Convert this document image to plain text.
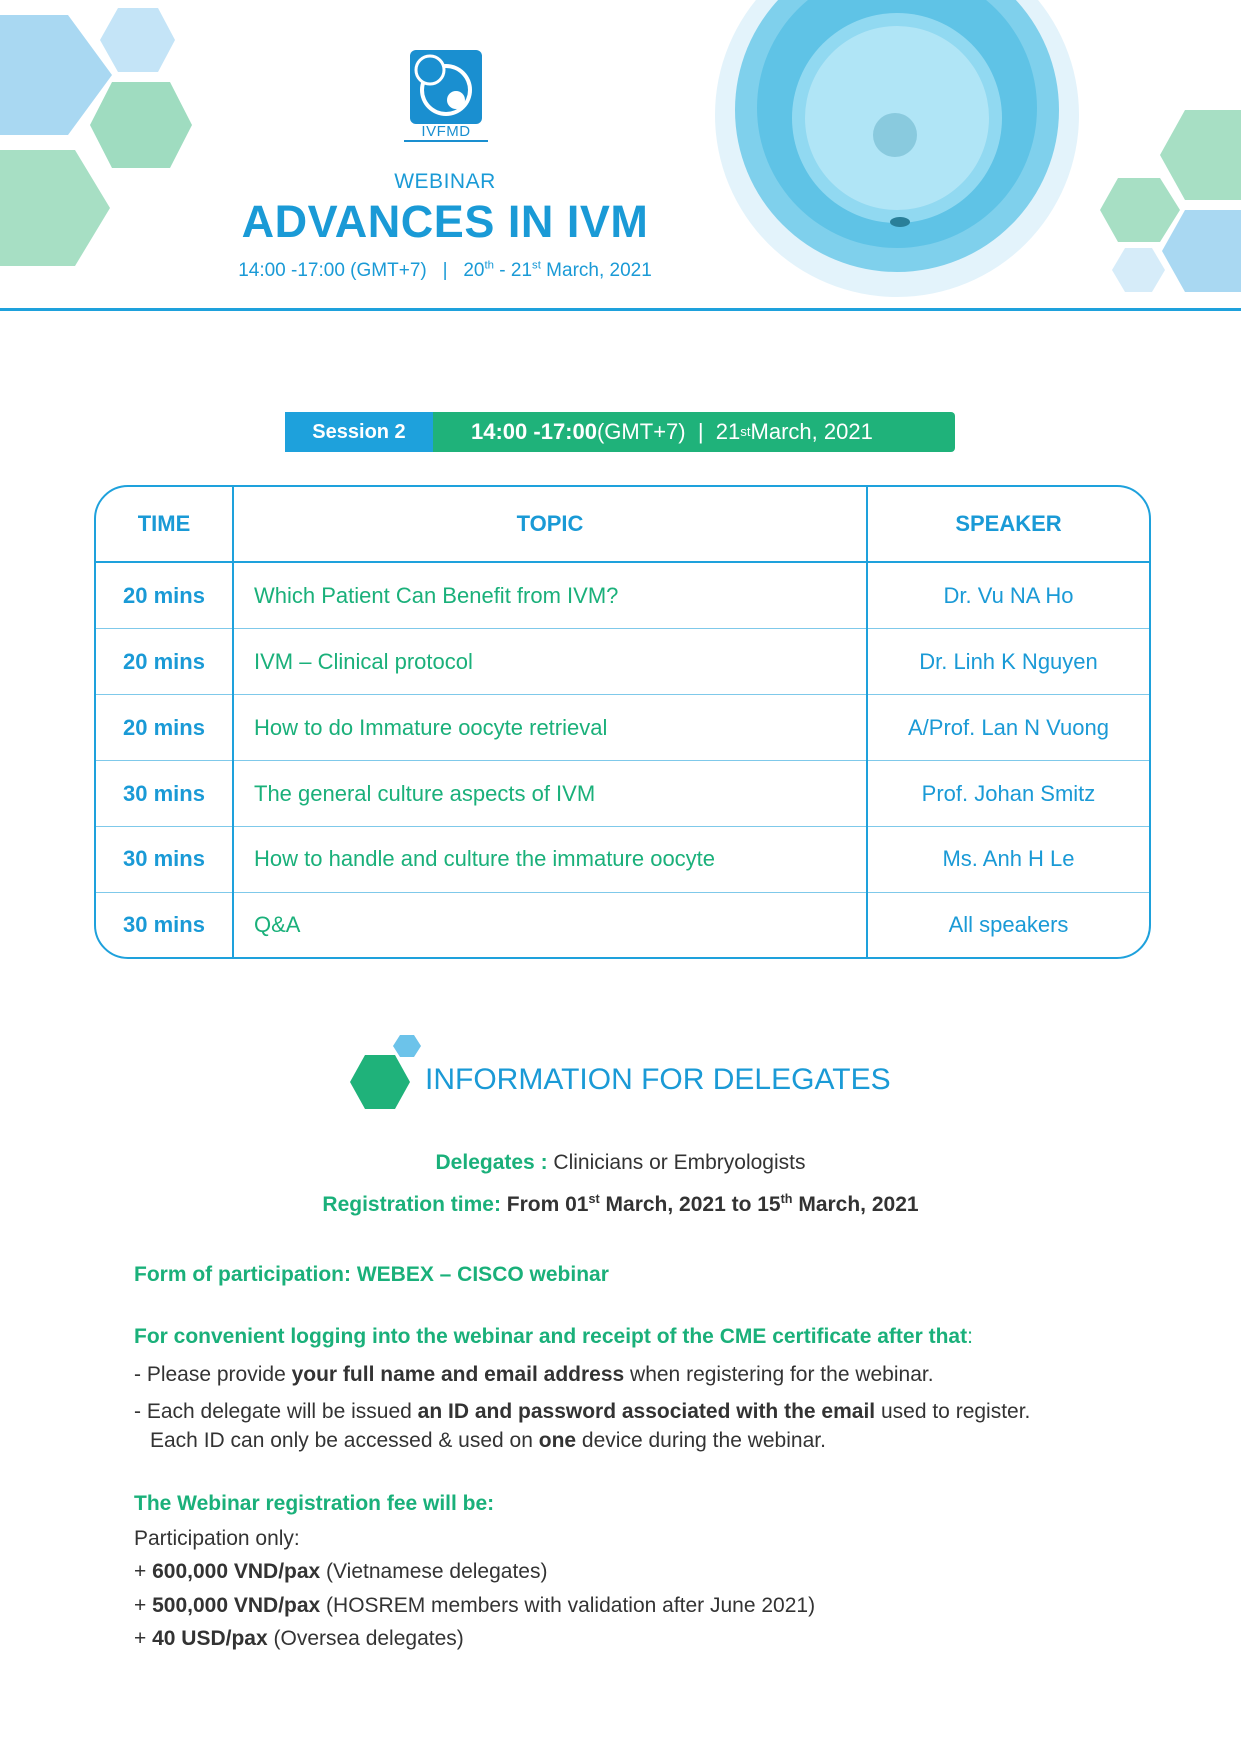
IVFMD
WEBINAR
ADVANCES IN IVM
14:00 -17:00 (GMT+7) | 20th - 21st March, 2021
Session 2	14:00 -17:00 (GMT+7)
|
21 st March, 2021
TIME	TOPIC	SPEAKER
20 mins	Which Patient Can Benefit from IVM?	Dr. Vu NA Ho
20 mins	IVM – Clinical protocol	Dr. Linh K Nguyen
20 mins	How to do Immature oocyte retrieval	A/Prof. Lan N Vuong
30 mins	The general culture aspects of IVM	Prof. Johan Smitz
30 mins	How to handle and culture the immature oocyte	Ms. Anh H Le
30 mins	Q&A	All speakers
INFORMATION FOR DELEGATES
Delegates : Clinicians or Embryologists
Registration time: From 01st March, 2021 to 15th March, 2021
Form of participation: WEBEX – CISCO webinar
For convenient logging into the webinar and receipt of the CME certificate after that:
- Please provide your full name and email address when registering for the webinar.
- Each delegate will be issued an ID and password associated with the email used to register.
Each ID can only be accessed & used on one device during the webinar.
The Webinar registration fee will be:
Participation only:
+ 600,000 VND/pax (Vietnamese delegates)
+ 500,000 VND/pax (HOSREM members with validation after June 2021)
+ 40 USD/pax (Oversea delegates)
